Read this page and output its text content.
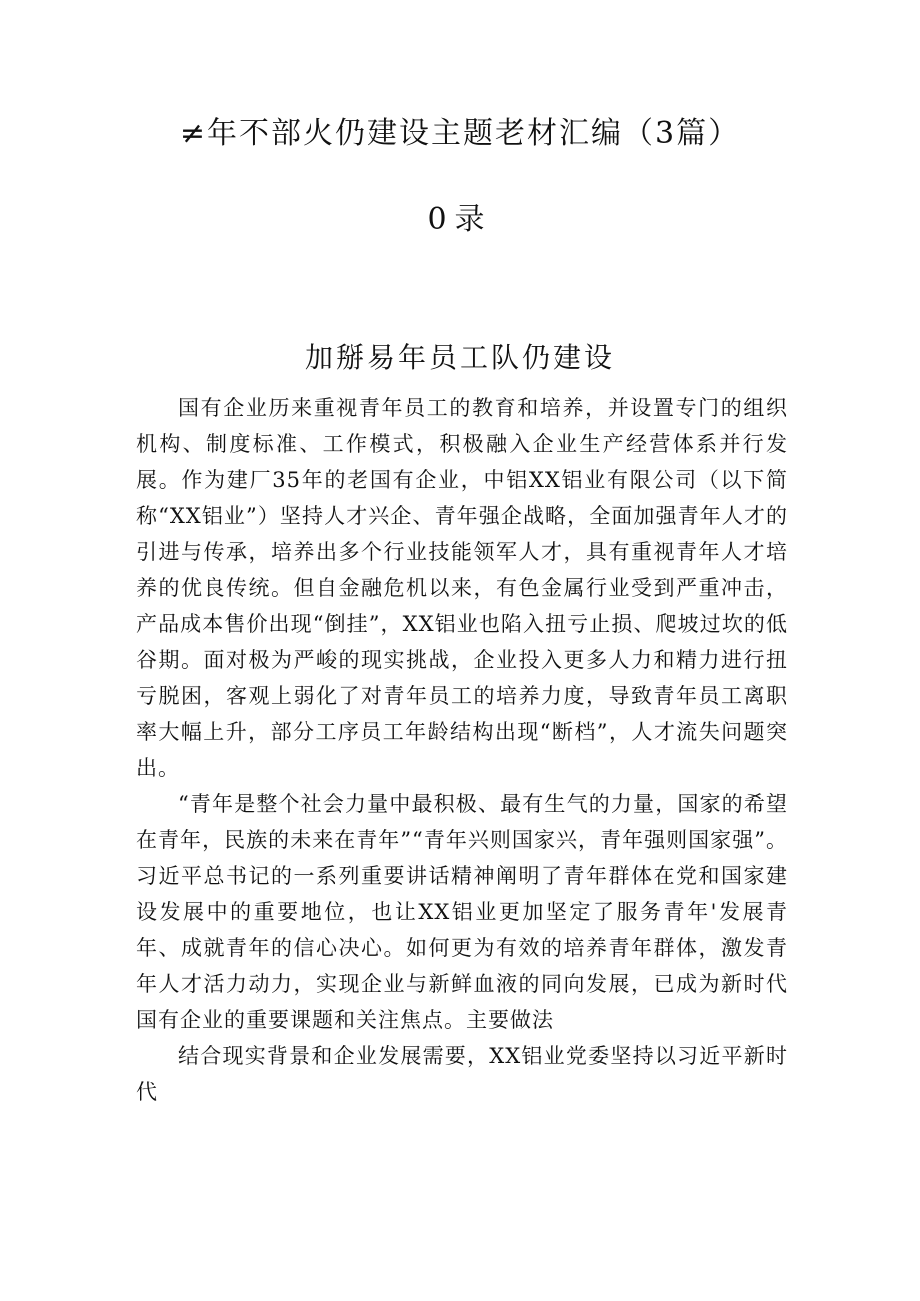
≠年不部火仍建设主题老材汇编（3篇）
0录
加掰易年员工队仍建设

国有企业历来重视青年员工的教育和培养，并设置专门的组织机构、制度标准、工作模式，积极融入企业生产经营体系并行发展。作为建厂35年的老国有企业，中铝XX铝业有限公司（以下简称“XX铝业”）坚持人才兴企、青年强企战略，全面加强青年人才的引进与传承，培养出多个行业技能领军人才，具有重视青年人才培养的优良传统。但自金融危机以来，有色金属行业受到严重冲击，产品成本售价出现“倒挂”，XX铝业也陷入扭亏止损、爬坡过坎的低谷期。面对极为严峻的现实挑战，企业投入更多人力和精力进行扭亏脱困，客观上弱化了对青年员工的培养力度，导致青年员工离职率大幅上升，部分工序员工年龄结构出现“断档”，人才流失问题突出。

“青年是整个社会力量中最积极、最有生气的力量，国家的希望在青年，民族的未来在青年”“青年兴则国家兴，青年强则国家强”。习近平总书记的一系列重要讲话精神阐明了青年群体在党和国家建设发展中的重要地位，也让XX铝业更加坚定了服务青年'发展青年、成就青年的信心决心。如何更为有效的培养青年群体，激发青年人才活力动力，实现企业与新鲜血液的同向发展，已成为新时代国有企业的重要课题和关注焦点。主要做法

结合现实背景和企业发展需要，XX铝业党委坚持以习近平新时代
